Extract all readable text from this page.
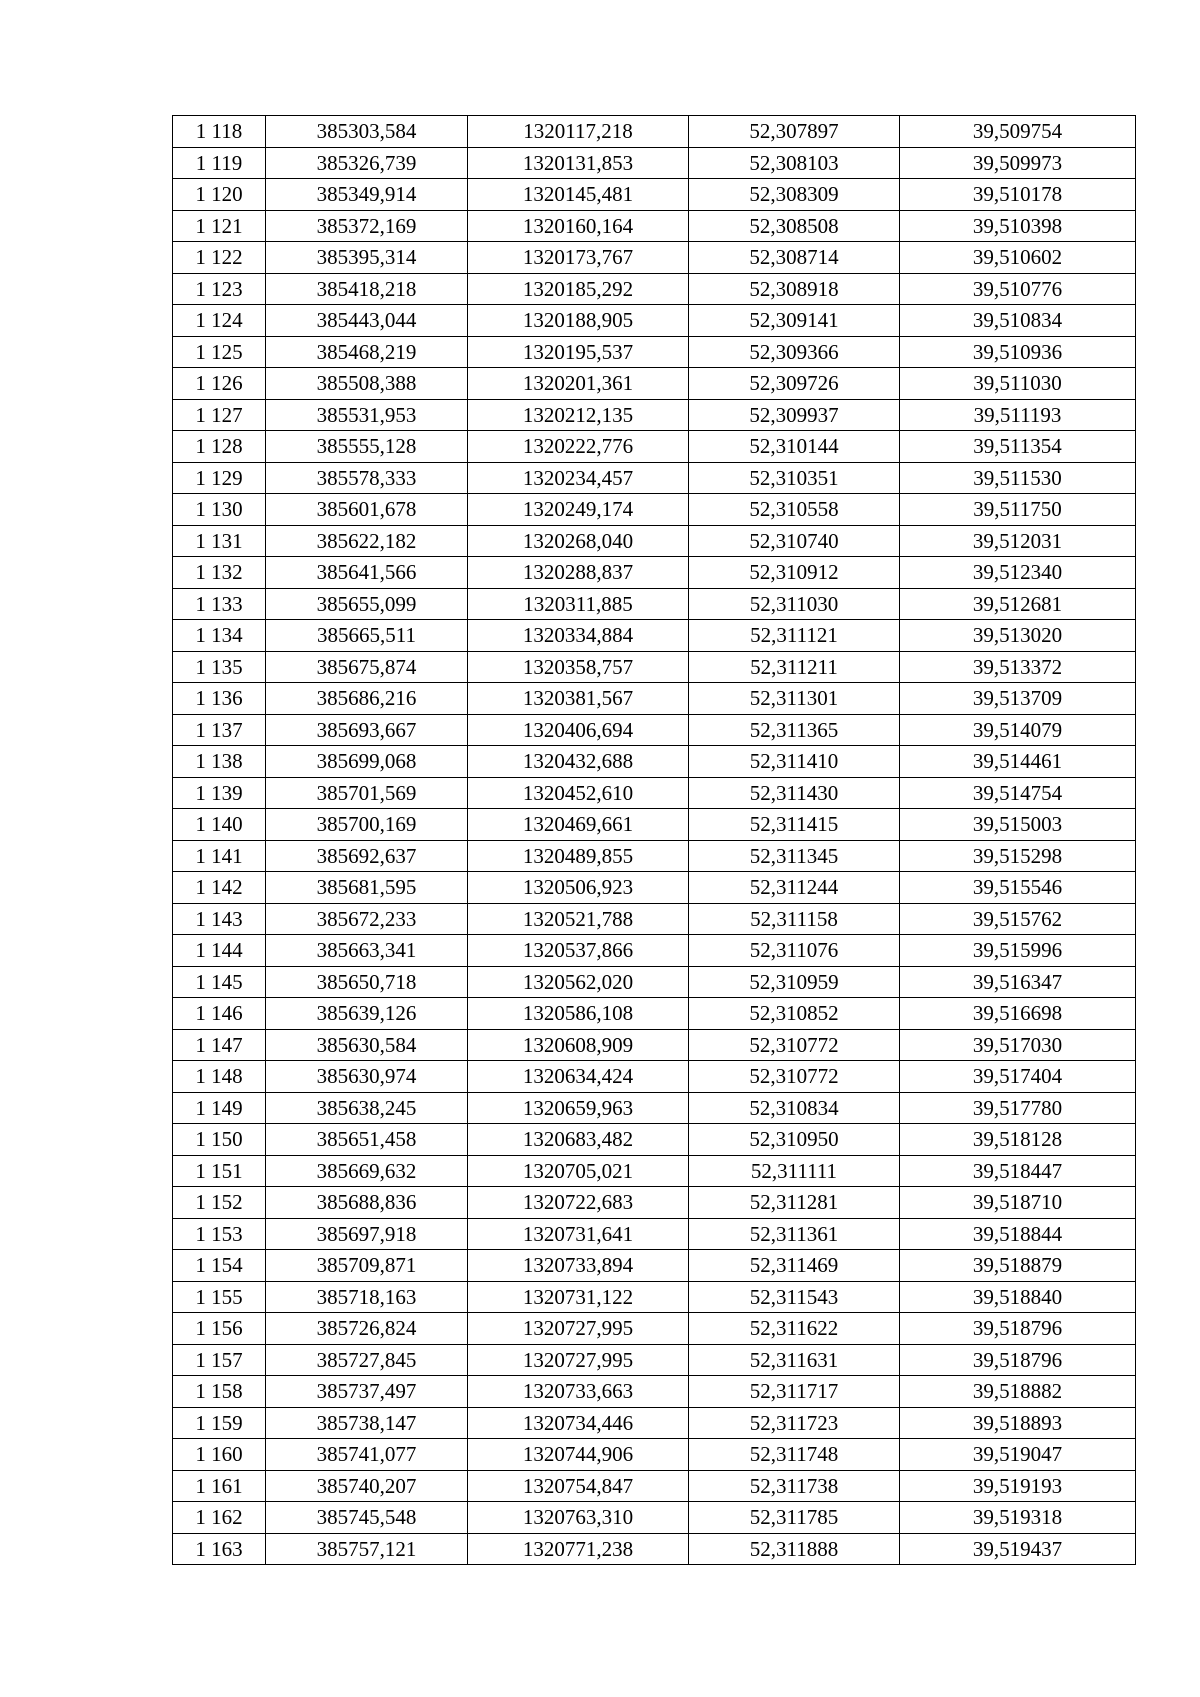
1 118	385303,584	1320117,218	52,307897	39,509754
1 119	385326,739	1320131,853	52,308103	39,509973
1 120	385349,914	1320145,481	52,308309	39,510178
1 121	385372,169	1320160,164	52,308508	39,510398
1 122	385395,314	1320173,767	52,308714	39,510602
1 123	385418,218	1320185,292	52,308918	39,510776
1 124	385443,044	1320188,905	52,309141	39,510834
1 125	385468,219	1320195,537	52,309366	39,510936
1 126	385508,388	1320201,361	52,309726	39,511030
1 127	385531,953	1320212,135	52,309937	39,511193
1 128	385555,128	1320222,776	52,310144	39,511354
1 129	385578,333	1320234,457	52,310351	39,511530
1 130	385601,678	1320249,174	52,310558	39,511750
1 131	385622,182	1320268,040	52,310740	39,512031
1 132	385641,566	1320288,837	52,310912	39,512340
1 133	385655,099	1320311,885	52,311030	39,512681
1 134	385665,511	1320334,884	52,311121	39,513020
1 135	385675,874	1320358,757	52,311211	39,513372
1 136	385686,216	1320381,567	52,311301	39,513709
1 137	385693,667	1320406,694	52,311365	39,514079
1 138	385699,068	1320432,688	52,311410	39,514461
1 139	385701,569	1320452,610	52,311430	39,514754
1 140	385700,169	1320469,661	52,311415	39,515003
1 141	385692,637	1320489,855	52,311345	39,515298
1 142	385681,595	1320506,923	52,311244	39,515546
1 143	385672,233	1320521,788	52,311158	39,515762
1 144	385663,341	1320537,866	52,311076	39,515996
1 145	385650,718	1320562,020	52,310959	39,516347
1 146	385639,126	1320586,108	52,310852	39,516698
1 147	385630,584	1320608,909	52,310772	39,517030
1 148	385630,974	1320634,424	52,310772	39,517404
1 149	385638,245	1320659,963	52,310834	39,517780
1 150	385651,458	1320683,482	52,310950	39,518128
1 151	385669,632	1320705,021	52,311111	39,518447
1 152	385688,836	1320722,683	52,311281	39,518710
1 153	385697,918	1320731,641	52,311361	39,518844
1 154	385709,871	1320733,894	52,311469	39,518879
1 155	385718,163	1320731,122	52,311543	39,518840
1 156	385726,824	1320727,995	52,311622	39,518796
1 157	385727,845	1320727,995	52,311631	39,518796
1 158	385737,497	1320733,663	52,311717	39,518882
1 159	385738,147	1320734,446	52,311723	39,518893
1 160	385741,077	1320744,906	52,311748	39,519047
1 161	385740,207	1320754,847	52,311738	39,519193
1 162	385745,548	1320763,310	52,311785	39,519318
1 163	385757,121	1320771,238	52,311888	39,519437
